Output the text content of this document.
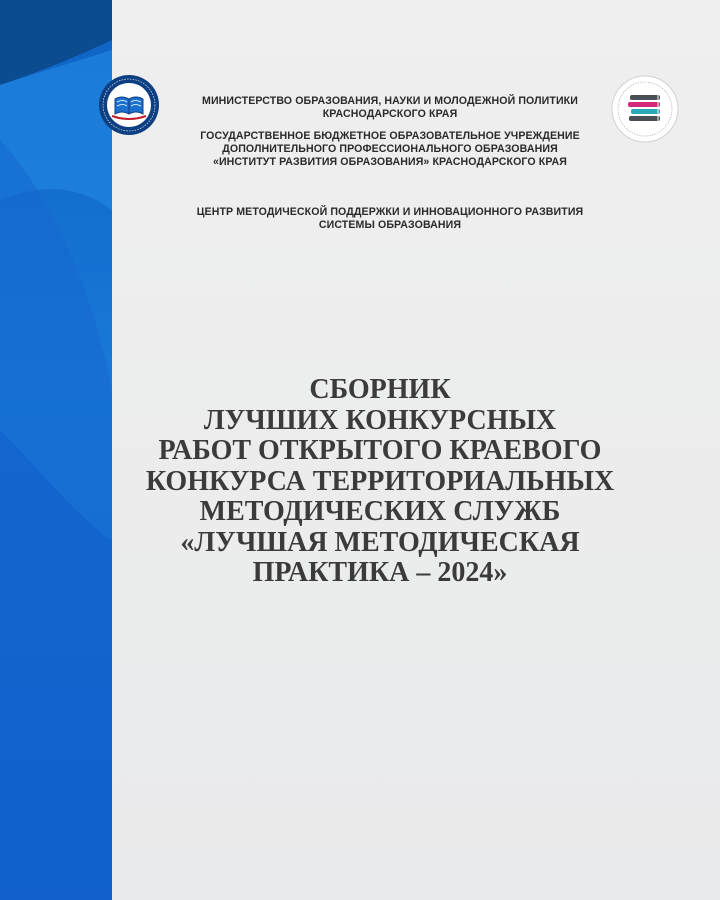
МИНИСТЕРСТВО ОБРАЗОВАНИЯ, НАУКИ И МОЛОДЕЖНОЙ ПОЛИТИКИ
КРАСНОДАРСКОГО КРАЯ
ГОСУДАРСТВЕННОЕ БЮДЖЕТНОЕ ОБРАЗОВАТЕЛЬНОЕ УЧРЕЖДЕНИЕ
ДОПОЛНИТЕЛЬНОГО ПРОФЕССИОНАЛЬНОГО ОБРАЗОВАНИЯ
«ИНСТИТУТ РАЗВИТИЯ ОБРАЗОВАНИЯ» КРАСНОДАРСКОГО КРАЯ
ЦЕНТР МЕТОДИЧЕСКОЙ ПОДДЕРЖКИ И ИННОВАЦИОННОГО РАЗВИТИЯ
СИСТЕМЫ ОБРАЗОВАНИЯ
СБОРНИК
ЛУЧШИХ КОНКУРСНЫХ
РАБОТ ОТКРЫТОГО КРАЕВОГО
КОНКУРСА ТЕРРИТОРИАЛЬНЫХ
МЕТОДИЧЕСКИХ СЛУЖБ
«ЛУЧШАЯ МЕТОДИЧЕСКАЯ
ПРАКТИКА – 2024»
